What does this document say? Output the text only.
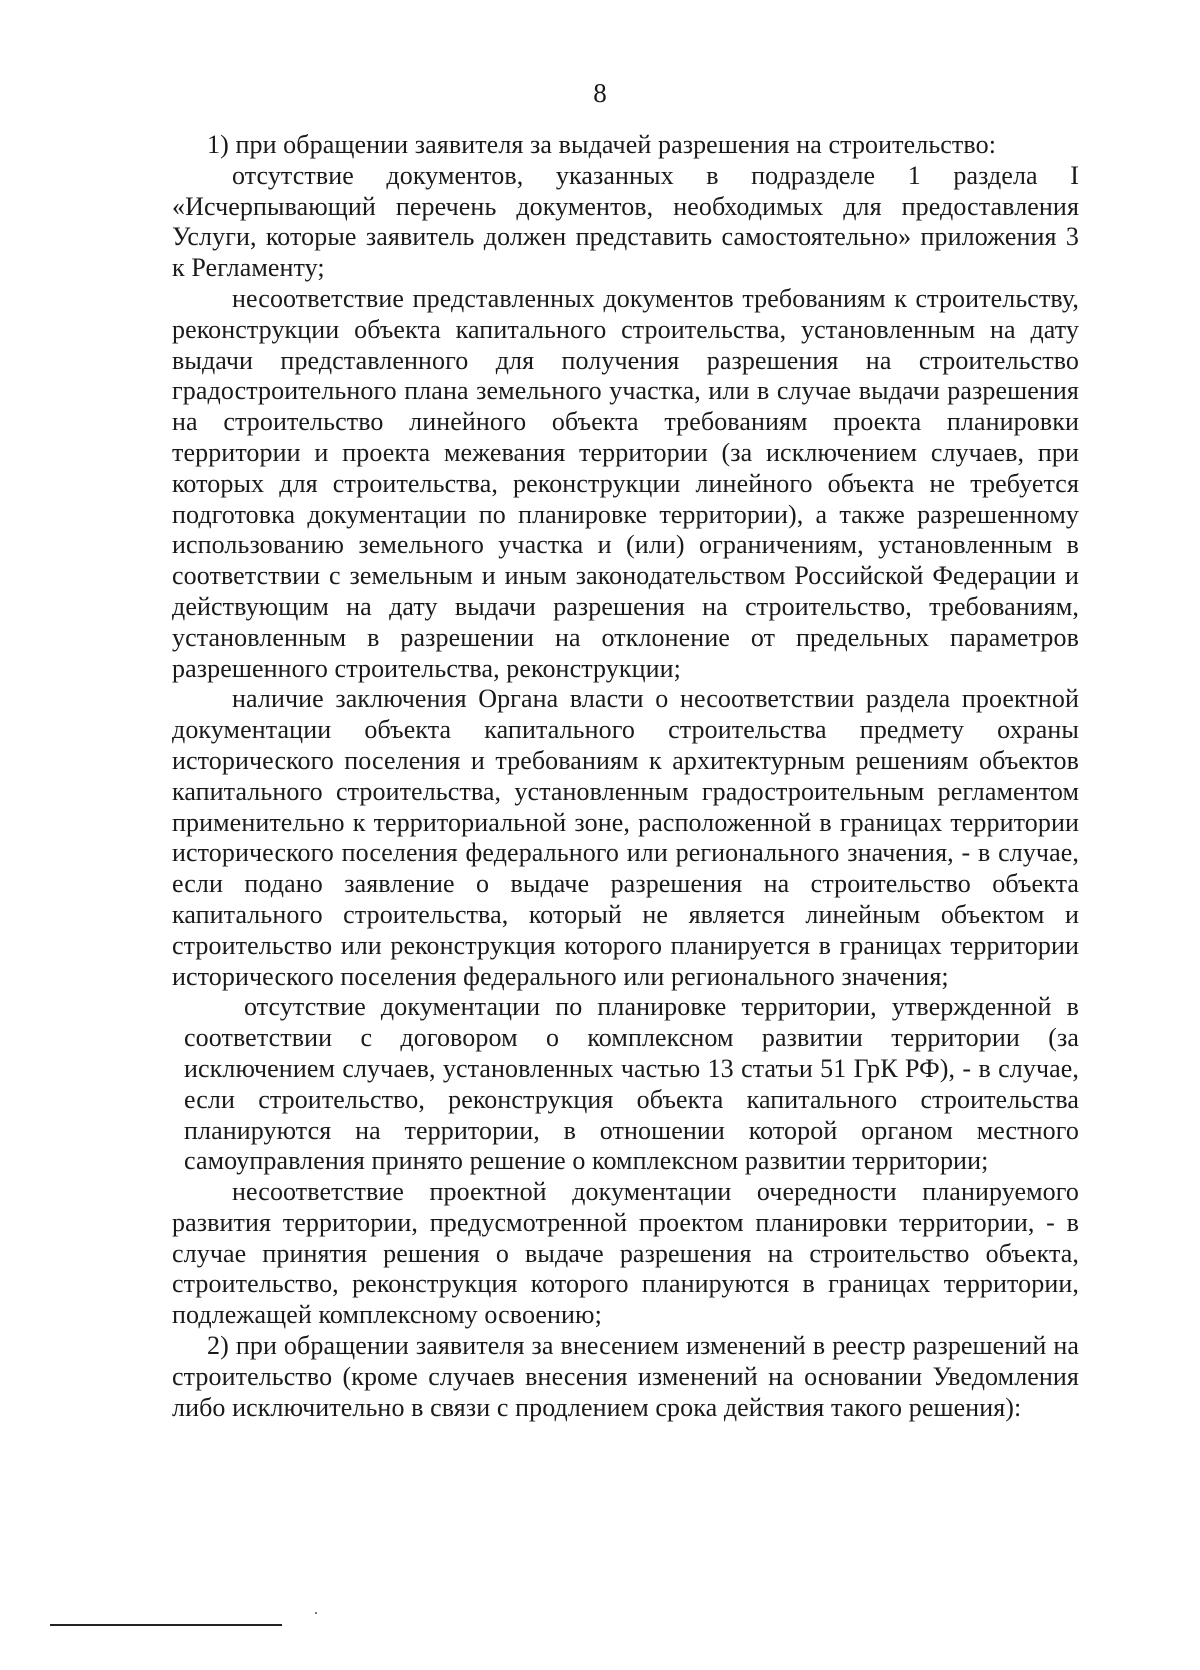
8

1) при обращении заявителя за выдачей разрешения на строительство:

отсутствие документов, указанных в подразделе 1 раздела I «Исчерпывающий перечень документов, необходимых для предоставления Услуги, которые заявитель должен представить самостоятельно» приложения 3 к Регламенту;

несоответствие представленных документов требованиям к строительству, реконструкции объекта капитального строительства, установленным на дату выдачи представленного для получения разрешения на строительство градостроительного плана земельного участка, или в случае выдачи разрешения на строительство линейного объекта требованиям проекта планировки территории и проекта межевания территории (за исключением случаев, при которых для строительства, реконструкции линейного объекта не требуется подготовка документации по планировке территории), а также разрешенному использованию земельного участка и (или) ограничениям, установленным в соответствии с земельным и иным законодательством Российской Федерации и действующим на дату выдачи разрешения на строительство, требованиям, установленным в разрешении на отклонение от предельных параметров разрешенного строительства, реконструкции;

наличие заключения Органа власти о несоответствии раздела проектной документации объекта капитального строительства предмету охраны исторического поселения и требованиям к архитектурным решениям объектов капитального строительства, установленным градостроительным регламентом применительно к территориальной зоне, расположенной в границах территории исторического поселения федерального или регионального значения, - в случае, если подано заявление о выдаче разрешения на строительство объекта капитального строительства, который не является линейным объектом и строительство или реконструкция которого планируется в границах территории исторического поселения федерального или регионального значения;

отсутствие документации по планировке территории, утвержденной в соответствии с договором о комплексном развитии территории (за исключением случаев, установленных частью 13 статьи 51 ГрК РФ), - в случае, если строительство, реконструкция объекта капитального строительства планируются на территории, в отношении которой органом местного самоуправления принято решение о комплексном развитии территории;

несоответствие проектной документации очередности планируемого развития территории, предусмотренной проектом планировки территории, - в случае принятия решения о выдаче разрешения на строительство объекта, строительство, реконструкция которого планируются в границах территории, подлежащей комплексному освоению;

2) при обращении заявителя за внесением изменений в реестр разрешений на строительство (кроме случаев внесения изменений на основании Уведомления либо исключительно в связи с продлением срока действия такого решения):
